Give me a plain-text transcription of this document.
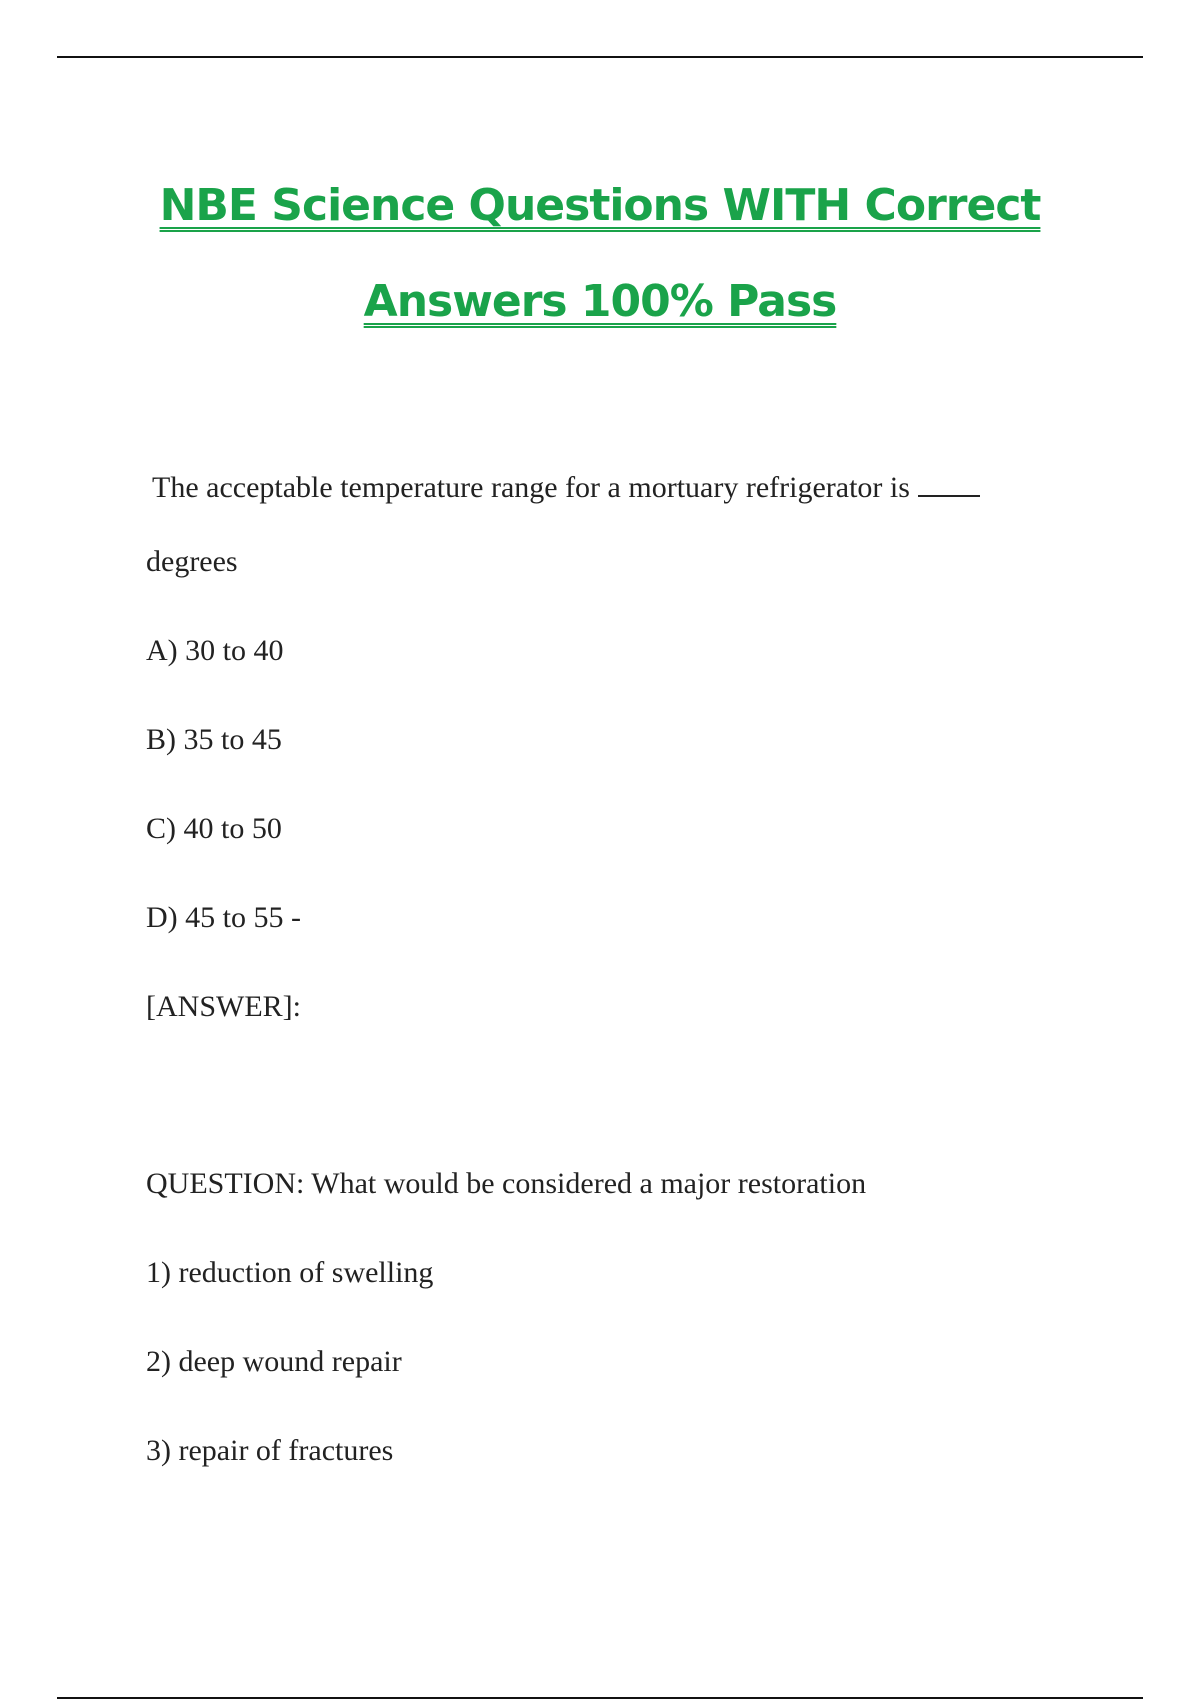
NBE Science Questions WITH Correct
Answers 100% Pass
The acceptable temperature range for a mortuary refrigerator is
degrees
A) 30 to 40
B) 35 to 45
C) 40 to 50
D) 45 to 55 -
[ANSWER]:
QUESTION: What would be considered a major restoration
1) reduction of swelling
2) deep wound repair
3) repair of fractures
